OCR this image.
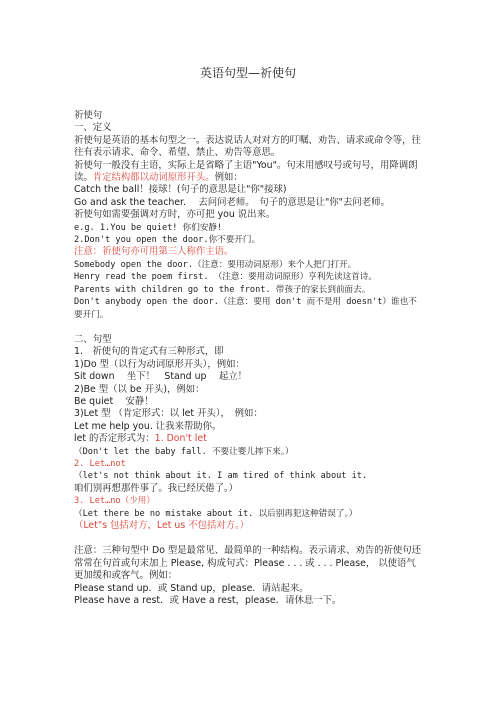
英语句型—祈使句
祈使句
一、定义
祈使句是英语的基本句型之一。表达说话人对对方的叮嘱、劝告、请求或命令等，往往有表示请求、命令、希望、禁止、劝告等意思。
祈使句一般没有主语，实际上是省略了主语"You"。句末用感叹号或句号，用降调朗读。肯定结构都以动词原形开头。例如：
Catch the ball！接球！(句子的意思是让"你"接球)
Go and ask the teacher.　 去问问老师。　句子的意思是让"你"去问老师。
祈使句如需要强调对方时，亦可把 you 说出来。
e.g. 1.You be quiet! 你们安静!
2.Don't you open the door.你不要开门。
注意：祈使句亦可用第三人称作主语。
Somebody open the door.（注意：要用动词原形）来个人把门打开。
Henry read the poem first. （注意：要用动词原形）亨利先读这首诗。
Parents with children go to the front. 带孩子的家长到前面去。
Don't anybody open the door.（注意：要用 don't 而不是用 doesn't）谁也不要开门。
二、句型
1.　祈使句的肯定式有三种形式，即
1)Do 型（以行为动词原形开头），例如：
Sit down　 坐下！　Stand up　 起立！
2)Be 型（以 be 开头)，例如：
Be quiet　 安静！
3)Let 型 （肯定形式：以 let 开头），　例如：
Let me help you. 让我来帮助你。
let 的否定形式为：1. Don't let
（Don't let the baby fall. 不要让婴儿摔下来。）
2. Let…not
（let's not think about it. I am tired of think about it.
咱们别再想那件事了。我已经厌倦了。）
3. Let…no（少用）
（Let there be no mistake about it. 以后别再犯这种错误了。）
（Let"s 包括对方，Let us 不包括对方。）
注意：三种句型中 Do 型是最常见、最简单的一种结构。表示请求、劝告的祈使句还常常在句首或句末加上 Please, 构成句式：Please . . . 或 . . . Please， 以使语气更加缓和或客气。例如：
Please stand up．或 Stand up，please．请站起来。
Please have a rest．或 Have a rest，please．请休息一下。
